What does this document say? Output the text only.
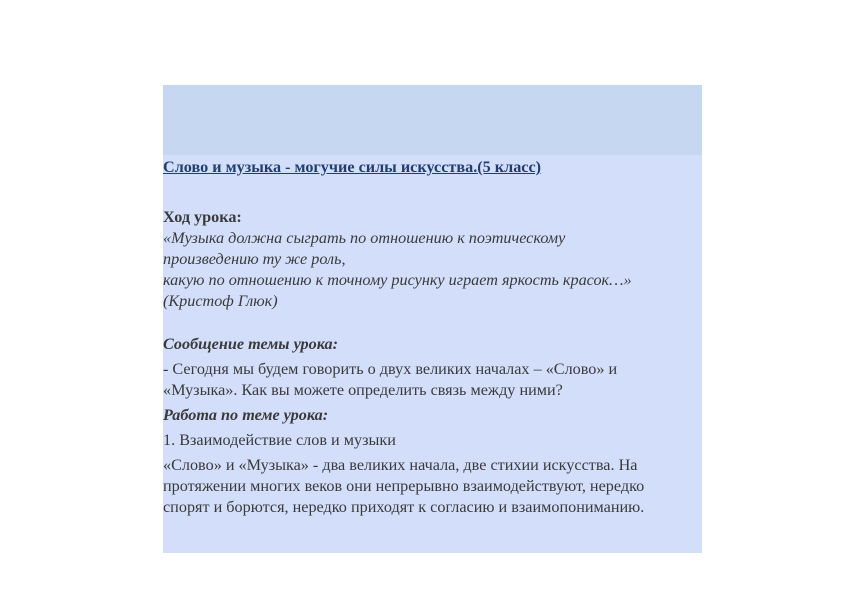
Слово и музыка - могучие силы искусства.(5 класс)

Ход урока:

«Музыка должна сыграть по отношению к поэтическому
произведению ту же роль,
какую по отношению к точному рисунку играет яркость красок…»
(Кристоф Глюк)

Сообщение темы урока:

- Сегодня мы будем говорить о двух великих началах – «Слово» и
«Музыка». Как вы можете определить связь между ними?

Работа по теме урока:

1. Взаимодействие слов и музыки

«Слово» и «Музыка» - два великих начала, две стихии искусства. На
протяжении многих веков они непрерывно взаимодействуют, нередко
спорят и борются, нередко приходят к согласию и взаимопониманию.
